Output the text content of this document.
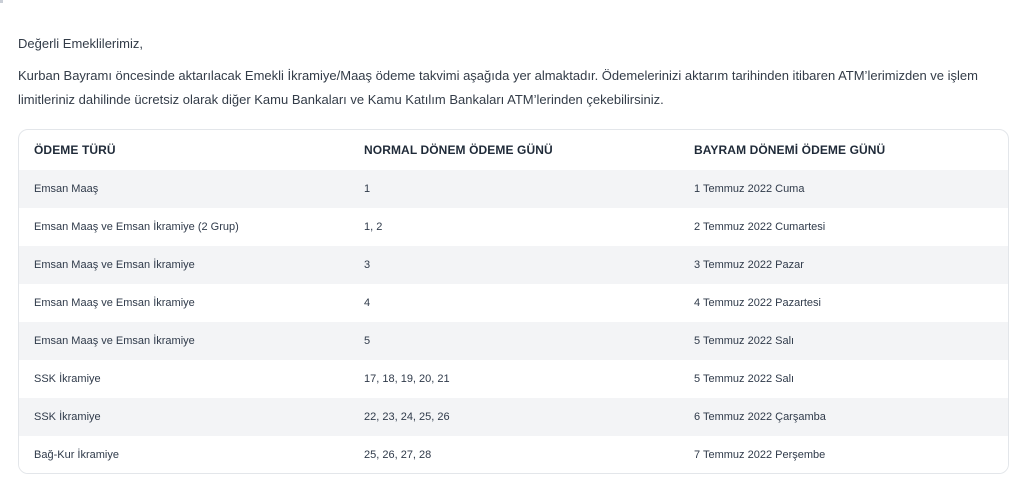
Değerli Emeklilerimiz,
Kurban Bayramı öncesinde aktarılacak Emekli İkramiye/Maaş ödeme takvimi aşağıda yer almaktadır. Ödemelerinizi aktarım tarihinden itibaren ATM’lerimizden ve işlem limitleriniz dahilinde ücretsiz olarak diğer Kamu Bankaları ve Kamu Katılım Bankaları ATM’lerinden çekebilirsiniz.
ÖDEME TÜRÜ	NORMAL DÖNEM ÖDEME GÜNÜ	BAYRAM DÖNEMİ ÖDEME GÜNÜ
Emsan Maaş	1	1 Temmuz 2022 Cuma
Emsan Maaş ve Emsan İkramiye (2 Grup)	1, 2	2 Temmuz 2022 Cumartesi
Emsan Maaş ve Emsan İkramiye	3	3 Temmuz 2022 Pazar
Emsan Maaş ve Emsan İkramiye	4	4 Temmuz 2022 Pazartesi
Emsan Maaş ve Emsan İkramiye	5	5 Temmuz 2022 Salı
SSK İkramiye	17, 18, 19, 20, 21	5 Temmuz 2022 Salı
SSK İkramiye	22, 23, 24, 25, 26	6 Temmuz 2022 Çarşamba
Bağ-Kur İkramiye	25, 26, 27, 28	7 Temmuz 2022 Perşembe
